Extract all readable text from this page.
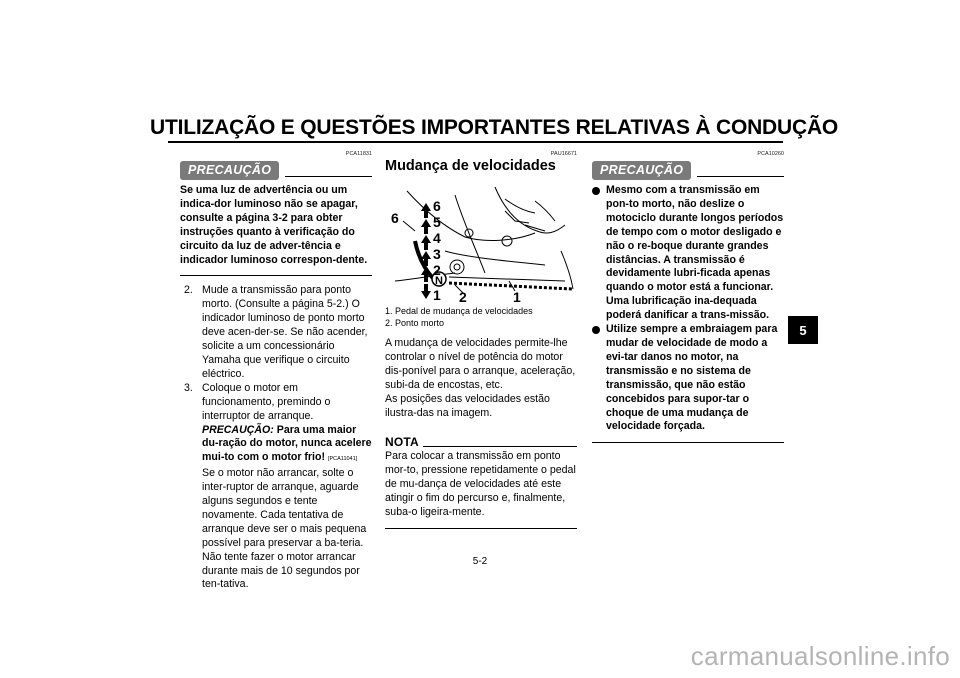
UTILIZAÇÃO E QUESTÕES IMPORTANTES RELATIVAS À CONDUÇÃO
PCA11831
PRECAUÇÃO

Se uma luz de advertência ou um indica-dor luminoso não se apagar, consulte a página 3-2 para obter instruções quanto à verificação do circuito da luz de adver-tência e indicador luminoso correspon-dente.

2. Mude a transmissão para ponto morto. (Consulte a página 5-2.) O indicador luminoso de ponto morto deve acen-der-se. Se não acender, solicite a um concessionário Yamaha que verifique o circuito eléctrico.

3. Coloque o motor em funcionamento, premindo o interruptor de arranque. PRECAUÇÃO: Para uma maior du-ração do motor, nunca acelere mui-to com o motor frio! [PCA11041]

Se o motor não arrancar, solte o inter-ruptor de arranque, aguarde alguns segundos e tente novamente. Cada tentativa de arranque deve ser o mais pequena possível para preservar a ba-teria. Não tente fazer o motor arrancar durante mais de 10 segundos por ten-tativa.

PAU16671
Mudança de velocidades
6
5
4
3
2
N
1
6
1
2
1. Pedal de mudança de velocidades
2. Ponto morto

A mudança de velocidades permite-lhe controlar o nível de potência do motor dis-ponível para o arranque, aceleração, subi-da de encostas, etc.

As posições das velocidades estão ilustra-das na imagem.

NOTA

Para colocar a transmissão em ponto mor-to, pressione repetidamente o pedal de mu-dança de velocidades até este atingir o fim do percurso e, finalmente, suba-o ligeira-mente.

PCA10260
PRECAUÇÃO
Mesmo com a transmissão em pon-to morto, não deslize o motociclo durante longos períodos de tempo com o motor desligado e não o re-boque durante grandes distâncias. A transmissão é devidamente lubri-ficada apenas quando o motor está a funcionar. Uma lubrificação ina-dequada poderá danificar a trans-missão.
Utilize sempre a embraiagem para mudar de velocidade de modo a evi-tar danos no motor, na transmissão e no sistema de transmissão, que não estão concebidos para supor-tar o choque de uma mudança de velocidade forçada.
5-2
5
carmanualsonline.info
